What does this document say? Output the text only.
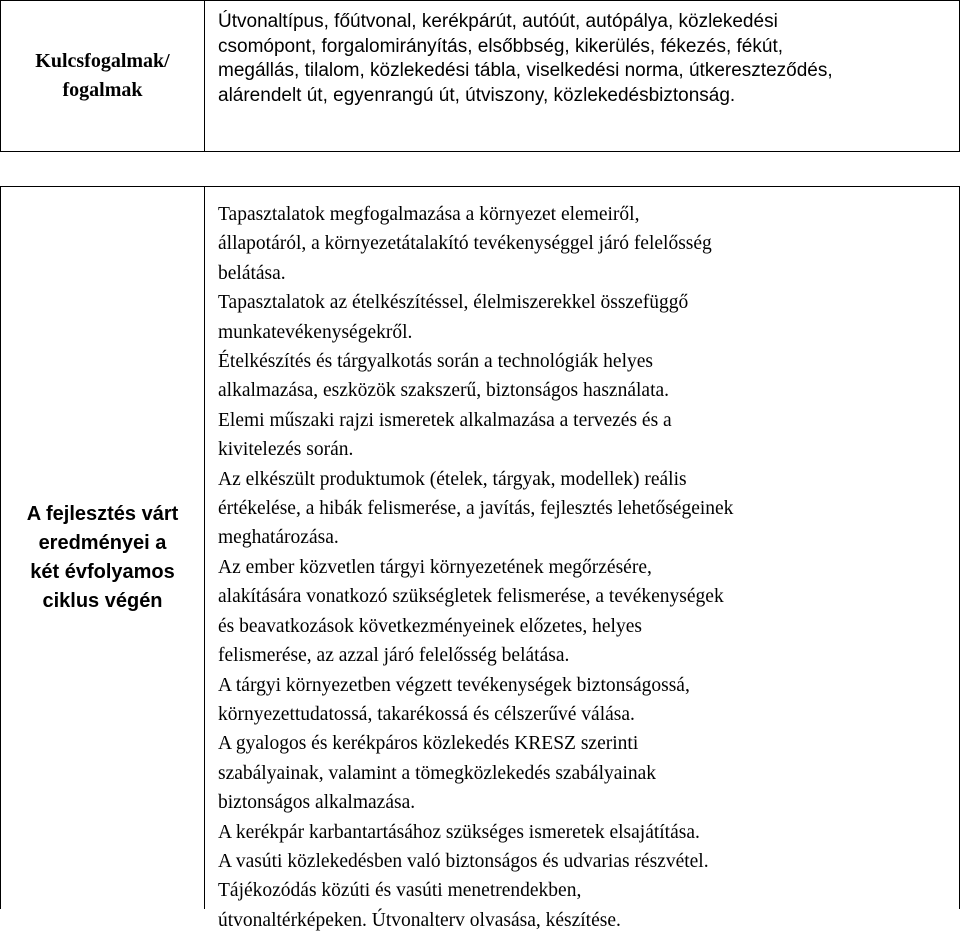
Kulcsfogalmak/
fogalmak
Útvonaltípus, főútvonal, kerékpárút, autóút, autópálya, közlekedési
csomópont, forgalomirányítás, elsőbbség, kikerülés, fékezés, fékút,
megállás, tilalom, közlekedési tábla, viselkedési norma, útkereszteződés,
alárendelt út, egyenrangú út, útviszony, közlekedésbiztonság.
A fejlesztés várt
eredményei a
két évfolyamos
ciklus végén
Tapasztalatok megfogalmazása a környezet elemeiről,
állapotáról, a környezetátalakító tevékenységgel járó felelősség
belátása.
Tapasztalatok az ételkészítéssel, élelmiszerekkel összefüggő
munkatevékenységekről.
Ételkészítés és tárgyalkotás során a technológiák helyes
alkalmazása, eszközök szakszerű, biztonságos használata.
Elemi műszaki rajzi ismeretek alkalmazása a tervezés és a
kivitelezés során.
Az elkészült produktumok (ételek, tárgyak, modellek) reális
értékelése, a hibák felismerése, a javítás, fejlesztés lehetőségeinek
meghatározása.
Az ember közvetlen tárgyi környezetének megőrzésére,
alakítására vonatkozó szükségletek felismerése, a tevékenységek
és beavatkozások következményeinek előzetes, helyes
felismerése, az azzal járó felelősség belátása.
A tárgyi környezetben végzett tevékenységek biztonságossá,
környezettudatossá, takarékossá és célszerűvé válása.
A gyalogos és kerékpáros közlekedés KRESZ szerinti
szabályainak, valamint a tömegközlekedés szabályainak
biztonságos alkalmazása.
A kerékpár karbantartásához szükséges ismeretek elsajátítása.
A vasúti közlekedésben való biztonságos és udvarias részvétel.
Tájékozódás közúti és vasúti menetrendekben,
útvonaltérképeken. Útvonalterv olvasása, készítése.
